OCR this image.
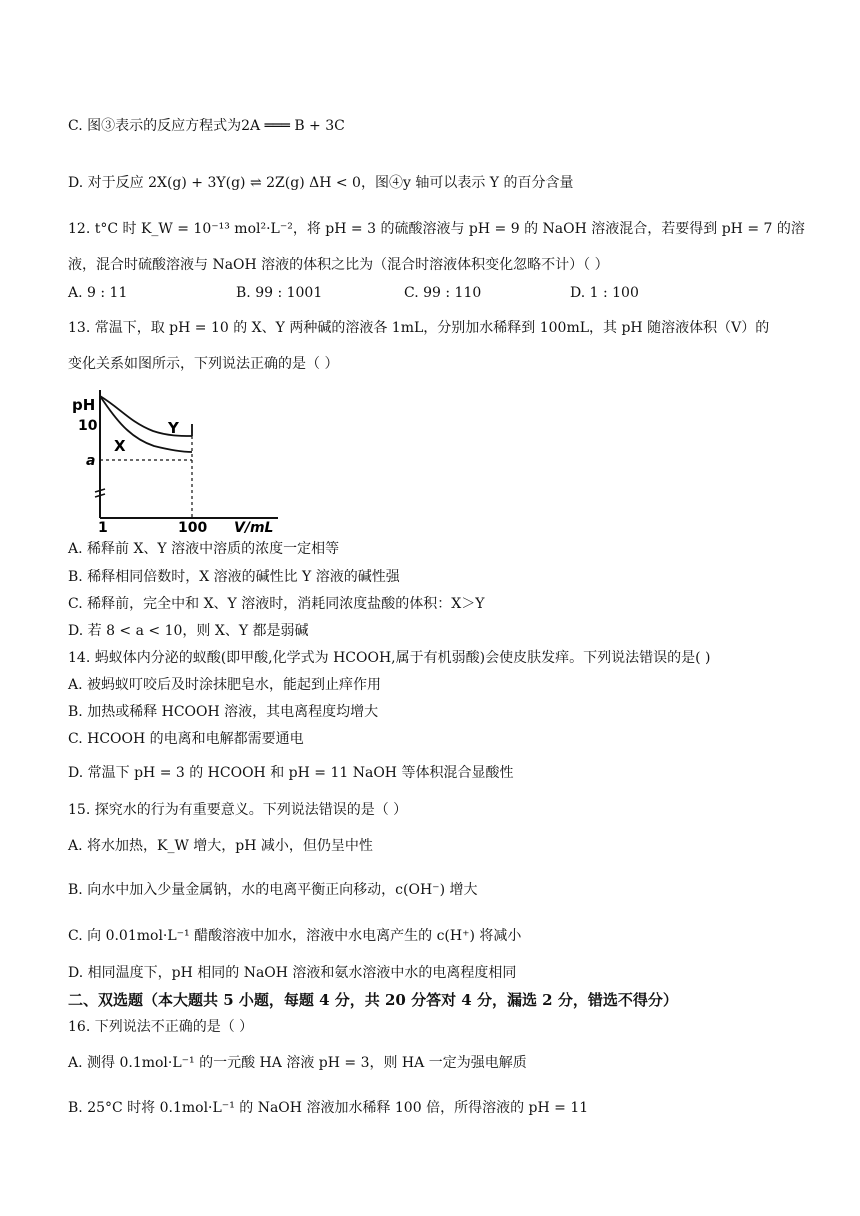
C. 图③表示的反应方程式为2A ═══ B + 3C
D. 对于反应 2X(g) + 3Y(g) ⇌ 2Z(g) ΔH < 0，图④y 轴可以表示 Y 的百分含量
12. t°C 时 K_W = 10⁻¹³ mol²·L⁻²，将 pH = 3 的硫酸溶液与 pH = 9 的 NaOH 溶液混合，若要得到 pH = 7 的溶
液，混合时硫酸溶液与 NaOH 溶液的体积之比为（混合时溶液体积变化忽略不计）（ ）
A. 9 : 11	B. 99 : 1001	C. 99 : 110	D. 1 : 100
13. 常温下，取 pH = 10 的 X、Y 两种碱的溶液各 1mL，分别加水稀释到 100mL，其 pH 随溶液体积（V）的
变化关系如图所示，下列说法正确的是（ ）
pH
10
a
1	100 V/mL
Y
X
A. 稀释前 X、Y 溶液中溶质的浓度一定相等
B. 稀释相同倍数时，X 溶液的碱性比 Y 溶液的碱性强
C. 稀释前，完全中和 X、Y 溶液时，消耗同浓度盐酸的体积：X＞Y
D. 若 8 < a < 10，则 X、Y 都是弱碱
14. 蚂蚁体内分泌的蚁酸(即甲酸,化学式为 HCOOH,属于有机弱酸)会使皮肤发痒。下列说法错误的是( )
A. 被蚂蚁叮咬后及时涂抹肥皂水，能起到止痒作用
B. 加热或稀释 HCOOH 溶液，其电离程度均增大
C. HCOOH 的电离和电解都需要通电
D. 常温下 pH = 3 的 HCOOH 和 pH = 11 NaOH 等体积混合显酸性
15. 探究水的行为有重要意义。下列说法错误的是（ ）
A. 将水加热，K_W 增大，pH 减小，但仍呈中性
B. 向水中加入少量金属钠，水的电离平衡正向移动，c(OH⁻) 增大
C. 向 0.01mol·L⁻¹ 醋酸溶液中加水，溶液中水电离产生的 c(H⁺) 将减小
D. 相同温度下，pH 相同的 NaOH 溶液和氨水溶液中水的电离程度相同
二、双选题（本大题共 5 小题，每题 4 分，共 20 分答对 4 分，漏选 2 分，错选不得分）
16. 下列说法不正确的是（ ）
A. 测得 0.1mol·L⁻¹ 的一元酸 HA 溶液 pH = 3，则 HA 一定为强电解质
B. 25°C 时将 0.1mol·L⁻¹ 的 NaOH 溶液加水稀释 100 倍，所得溶液的 pH = 11
